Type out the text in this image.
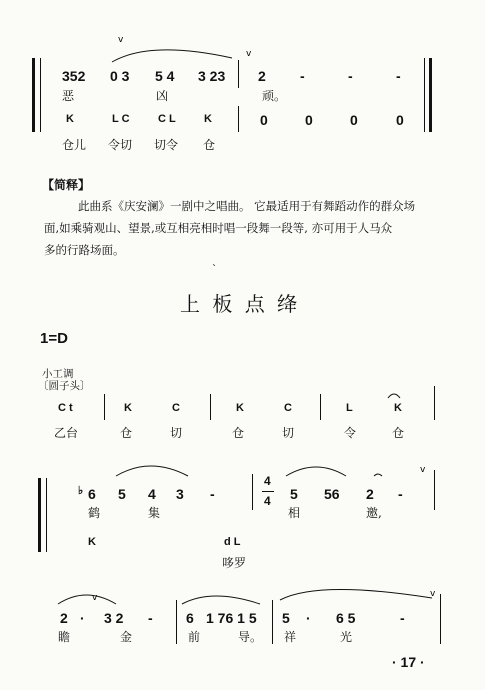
352 0 3 5 4 3 23 2 -	-	-
恶	凶	顽。
K	L C	C L	K	0	0	0	0
仓儿 令切 切令 仓
【简释】
此曲系《庆安澜》一剧中之唱曲。 它最适用于有舞蹈动作的群众场
面,如乘骑观山、望景,或互相亮相时唱一段舞一段等, 亦可用于人马众
多的行路场面。
上 板 点 绛
1=D
小工调
〔圆子头〕
C t	K	C	K	C	L	K
乙台	仓	切	仓	切	令	仓
♭ 6 5 4 3 -
4
4 5 56 2 -
鹤	集	相	邀,
K	d L
哆罗
2 · 3 2 - 6 1 76 1 5 5 · 6 5	-
瞻	金	前	导。 祥	光
· 17 ·
v
v
v
v	v
ˋ
